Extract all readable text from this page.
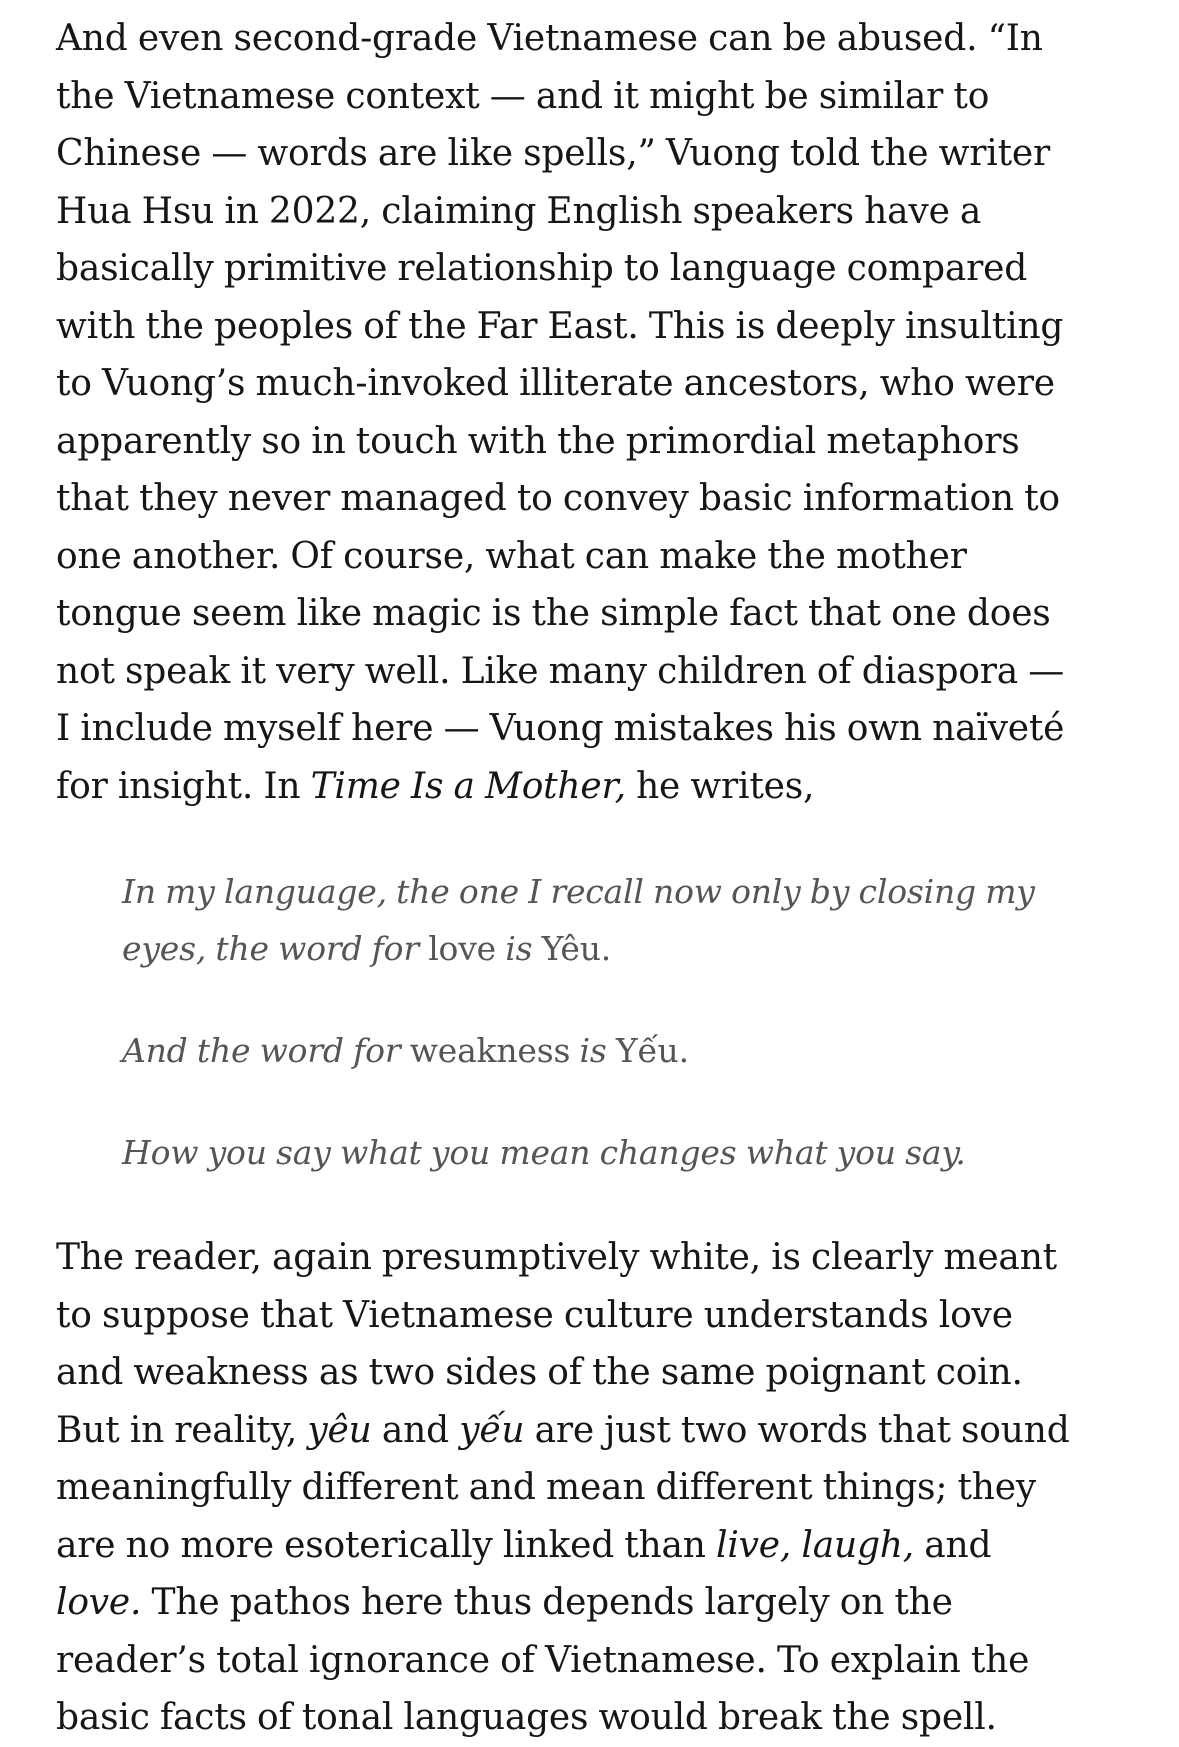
And even second-grade Vietnamese can be abused. “In the Vietnamese context — and it might be similar to Chinese — words are like spells,” Vuong told the writer Hua Hsu in 2022, claiming English speakers have a basically primitive relationship to language compared with the peoples of the Far East. This is deeply insulting to Vuong’s much-invoked illiterate ancestors, who were apparently so in touch with the primordial metaphors that they never managed to convey basic information to one another. Of course, what can make the mother tongue seem like magic is the simple fact that one does not speak it very well. Like many children of diaspora — I include myself here — Vuong mistakes his own naïveté for insight. In Time Is a Mother, he writes,

In my language, the one I recall now only by closing my eyes, the word for love is Yêu.

And the word for weakness is Yếu.

How you say what you mean changes what you say.

The reader, again presumptively white, is clearly meant to suppose that Vietnamese culture understands love and weakness as two sides of the same poignant coin. But in reality, yêu and yếu are just two words that sound meaningfully different and mean different things; they are no more esoterically linked than live, laugh, and love. The pathos here thus depends largely on the reader’s total ignorance of Vietnamese. To explain the basic facts of tonal languages would break the spell.
